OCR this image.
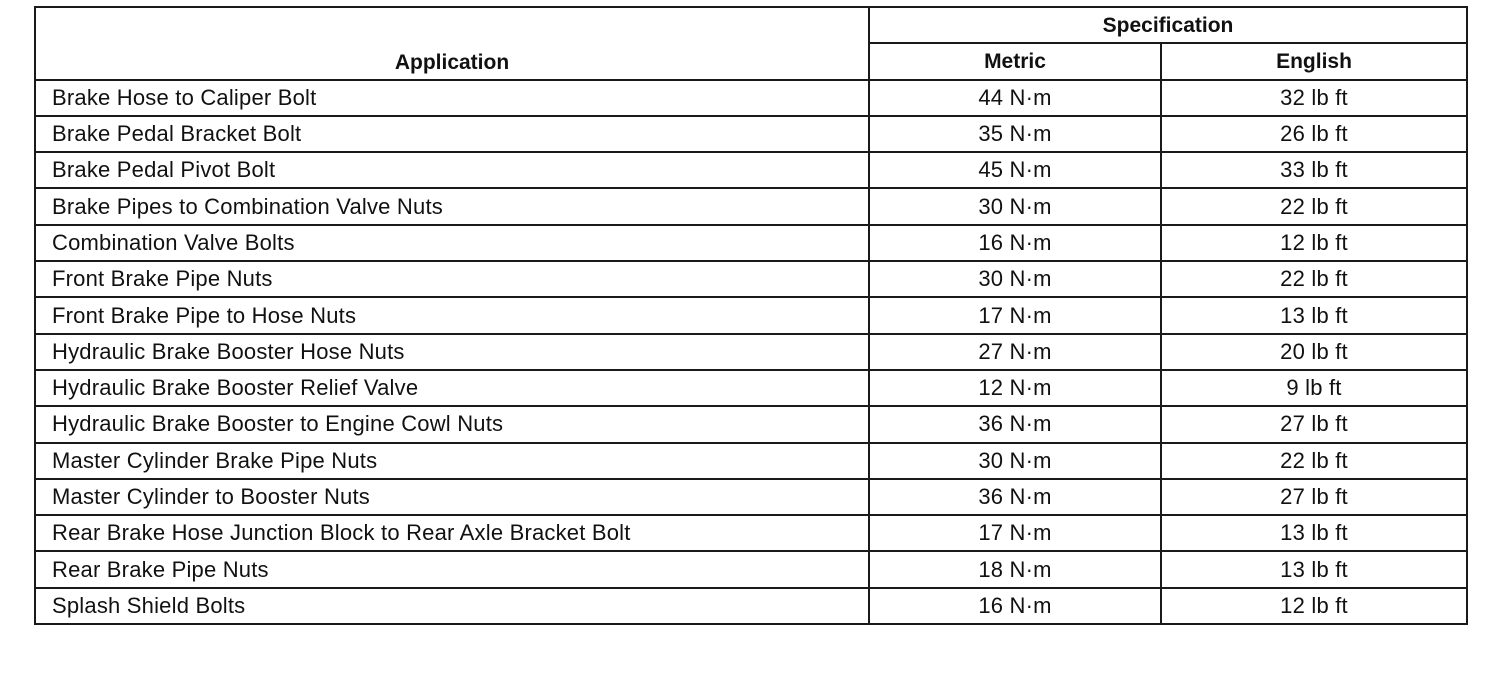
Application	Specification	
	Metric	English
Brake Hose to Caliper Bolt	44 N·m	32 lb ft
Brake Pedal Bracket Bolt	35 N·m	26 lb ft
Brake Pedal Pivot Bolt	45 N·m	33 lb ft
Brake Pipes to Combination Valve Nuts	30 N·m	22 lb ft
Combination Valve Bolts	16 N·m	12 lb ft
Front Brake Pipe Nuts	30 N·m	22 lb ft
Front Brake Pipe to Hose Nuts	17 N·m	13 lb ft
Hydraulic Brake Booster Hose Nuts	27 N·m	20 lb ft
Hydraulic Brake Booster Relief Valve	12 N·m	9 lb ft
Hydraulic Brake Booster to Engine Cowl Nuts	36 N·m	27 lb ft
Master Cylinder Brake Pipe Nuts	30 N·m	22 lb ft
Master Cylinder to Booster Nuts	36 N·m	27 lb ft
Rear Brake Hose Junction Block to Rear Axle Bracket Bolt	17 N·m	13 lb ft
Rear Brake Pipe Nuts	18 N·m	13 lb ft
Splash Shield Bolts	16 N·m	12 lb ft
